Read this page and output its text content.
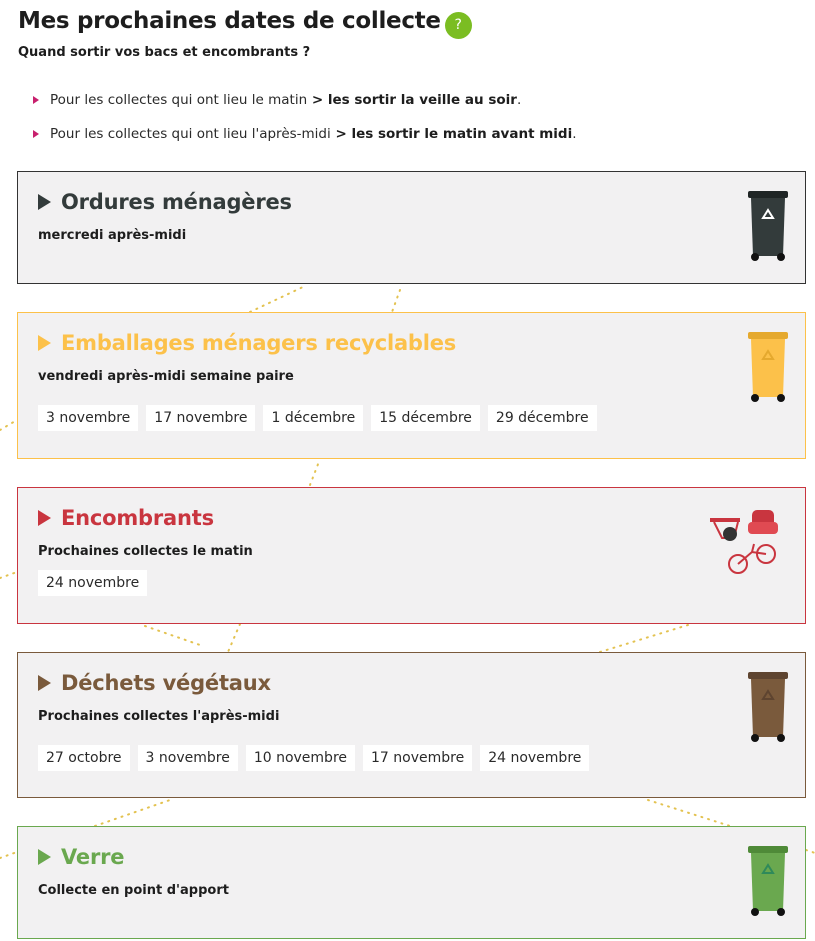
Mes prochaines dates de collecte ?

Quand sortir vos bacs et encombrants ?

Pour les collectes qui ont lieu le matin > les sortir la veille au soir.
Pour les collectes qui ont lieu l'après-midi > les sortir le matin avant midi.
Ordures ménagères
mercredi après-midi
Emballages ménagers recyclables
vendredi après-midi semaine paire
3 novembre	17 novembre	1 décembre	15 décembre	29 décembre
Encombrants
Prochaines collectes le matin
24 novembre
Déchets végétaux
Prochaines collectes l'après-midi
27 octobre	3 novembre	10 novembre	17 novembre	24 novembre
Verre
Collecte en point d'apport
